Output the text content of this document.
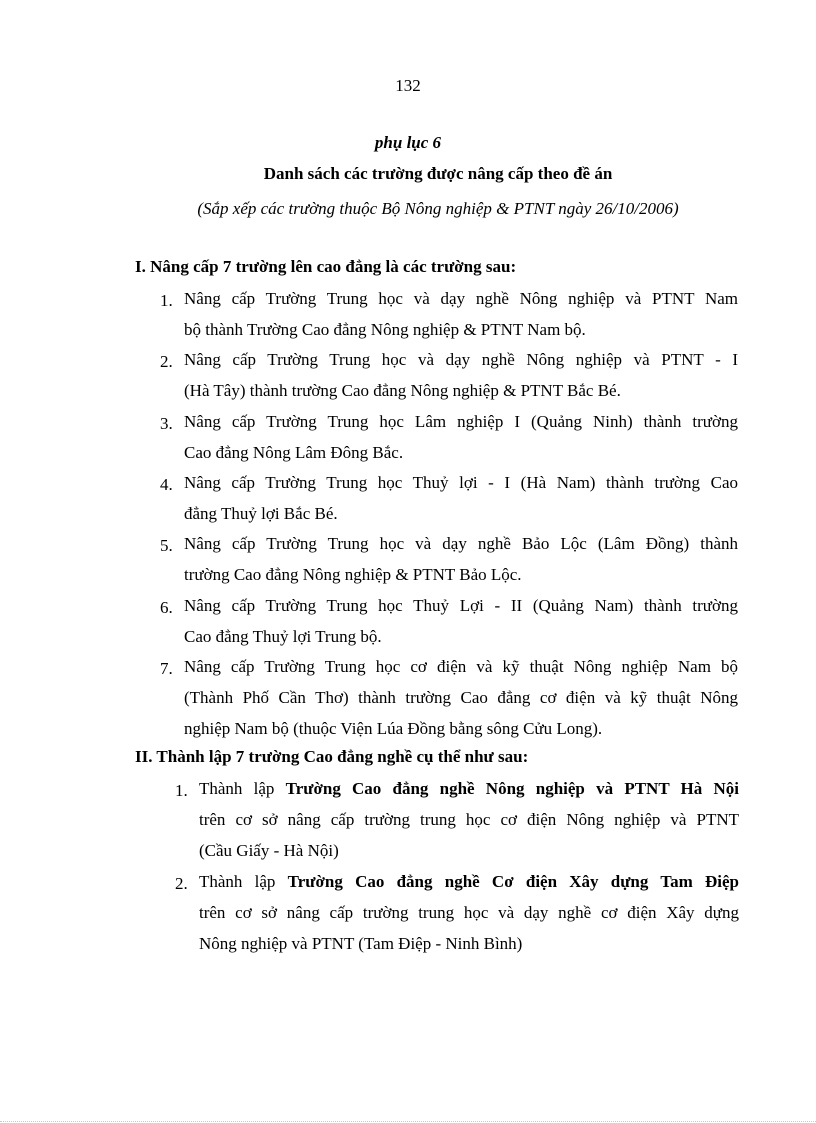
132
phụ lục 6
Danh sách các trường được nâng cấp theo đề án
(Sắp xếp các trường thuộc Bộ Nông nghiệp & PTNT ngày 26/10/2006)
I. Nâng cấp 7 trường lên cao đẳng là các trường sau:
1. Nâng cấp Trường Trung học và dạy nghề Nông nghiệp và PTNT Nam
bộ thành Trường Cao đẳng Nông nghiệp & PTNT Nam bộ.
2. Nâng cấp Trường Trung học và dạy nghề Nông nghiệp và PTNT - I
(Hà Tây) thành trường Cao đẳng Nông nghiệp & PTNT Bắc Bé.
3. Nâng cấp Trường Trung học Lâm nghiệp I (Quảng Ninh) thành trường
Cao đẳng Nông Lâm Đông Bắc.
4. Nâng cấp Trường Trung học Thuỷ lợi - I (Hà Nam) thành trường Cao
đẳng Thuỷ lợi Bắc Bé.
5. Nâng cấp Trường Trung học và dạy nghề Bảo Lộc (Lâm Đồng) thành
trường Cao đẳng Nông nghiệp & PTNT Bảo Lộc.
6. Nâng cấp Trường Trung học Thuỷ Lợi - II (Quảng Nam) thành trường
Cao đẳng Thuỷ lợi Trung bộ.
7. Nâng cấp Trường Trung học cơ điện và kỹ thuật Nông nghiệp Nam bộ
(Thành Phố Cần Thơ) thành trường Cao đẳng cơ điện và kỹ thuật Nông
nghiệp Nam bộ (thuộc Viện Lúa Đồng bằng sông Cửu Long).
II. Thành lập 7 trường Cao đẳng nghề cụ thể như sau:
1. Thành lập Trường Cao đẳng nghề Nông nghiệp và PTNT Hà Nội
trên cơ sở nâng cấp trường trung học cơ điện Nông nghiệp và PTNT
(Cầu Giấy - Hà Nội)
2. Thành lập Trường Cao đẳng nghề Cơ điện Xây dựng Tam Điệp
trên cơ sở nâng cấp trường trung học và dạy nghề cơ điện Xây dựng
Nông nghiệp và PTNT (Tam Điệp - Ninh Bình)
